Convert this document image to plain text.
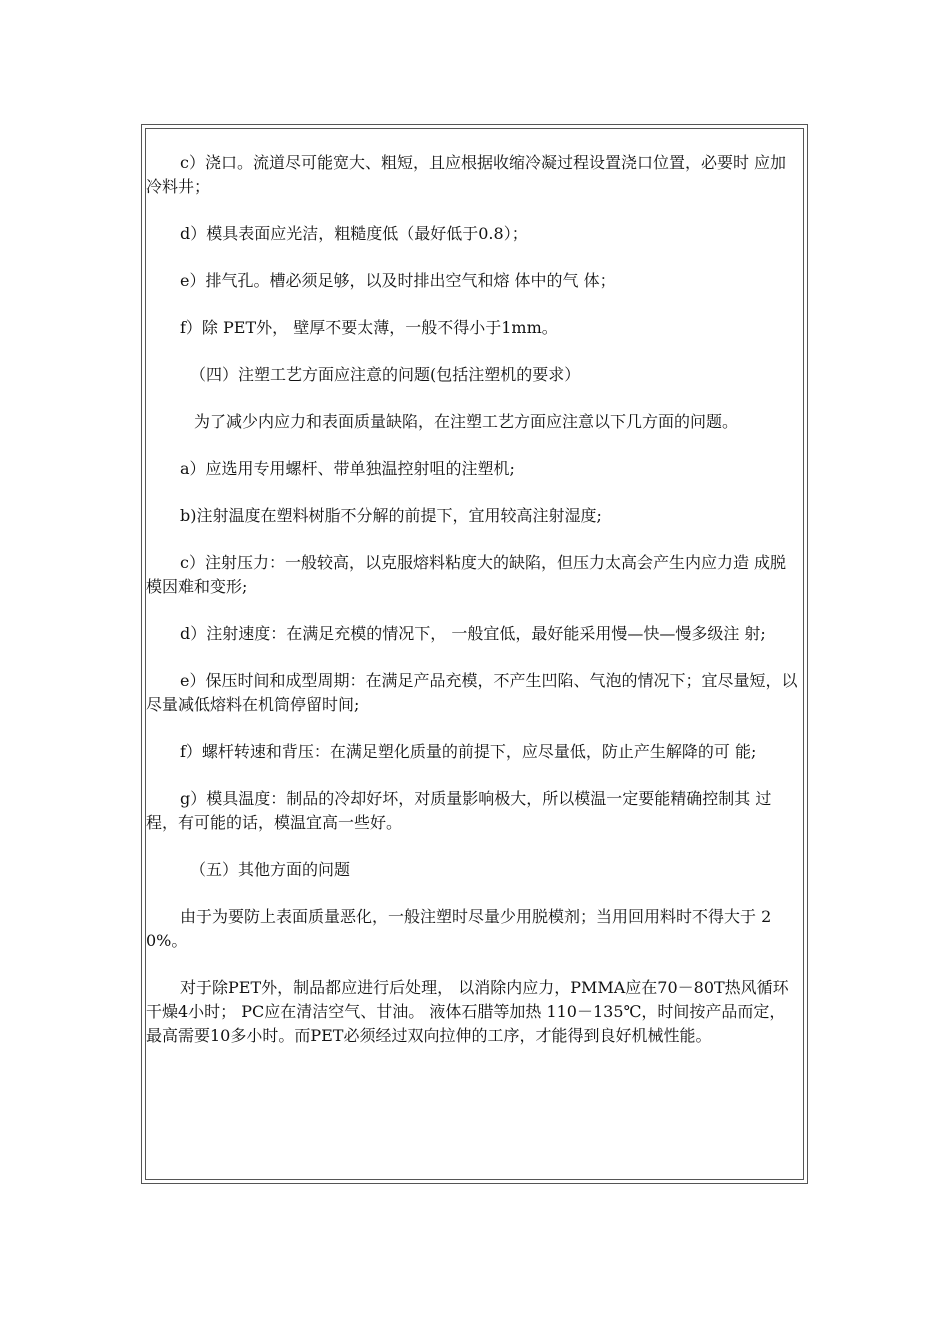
c）浇口。流道尽可能宽大、粗短，且应根据收缩冷凝过程设置浇口位置，必要时 应加冷料井；

d）模具表面应光洁，粗糙度低（最好低于0.8）；

e）排气孔。槽必须足够，以及时排出空气和熔 体中的气 体；

f）除 PET外， 壁厚不要太薄，一般不得小于1mm。

（四）注塑工艺方面应注意的问题(包括注塑机的要求）

为了减少内应力和表面质量缺陷，在注塑工艺方面应注意以下几方面的问题。

a）应选用专用螺杆、带单独温控射咀的注塑机;

b)注射温度在塑料树脂不分解的前提下，宜用较高注射湿度;

c）注射压力：一般较高，以克服熔料粘度大的缺陷，但压力太高会产生内应力造 成脱模因难和变形;

d）注射速度：在满足充模的情况下， 一般宜低，最好能采用慢—快—慢多级注 射;

e）保压时间和成型周期：在满足产品充模，不产生凹陷、气泡的情况下；宜尽量短，以尽量减低熔料在机筒停留时间;

f）螺杆转速和背压：在满足塑化质量的前提下，应尽量低，防止产生解降的可 能;

g）模具温度：制品的冷却好坏，对质量影响极大，所以模温一定要能精确控制其 过程，有可能的话，模温宜高一些好。

（五）其他方面的问题

由于为要防上表面质量恶化，一般注塑时尽量少用脱模剂；当用回用料时不得大于 20%。

对于除PET外，制品都应进行后处理， 以消除内应力，PMMA应在70－80T热风循环干燥4小时； PC应在清洁空气、甘油。 液体石腊等加热 110－135℃，时间按产品而定，最高需要10多小时。而PET必须经过双向拉伸的工序，才能得到良好机械性能。
